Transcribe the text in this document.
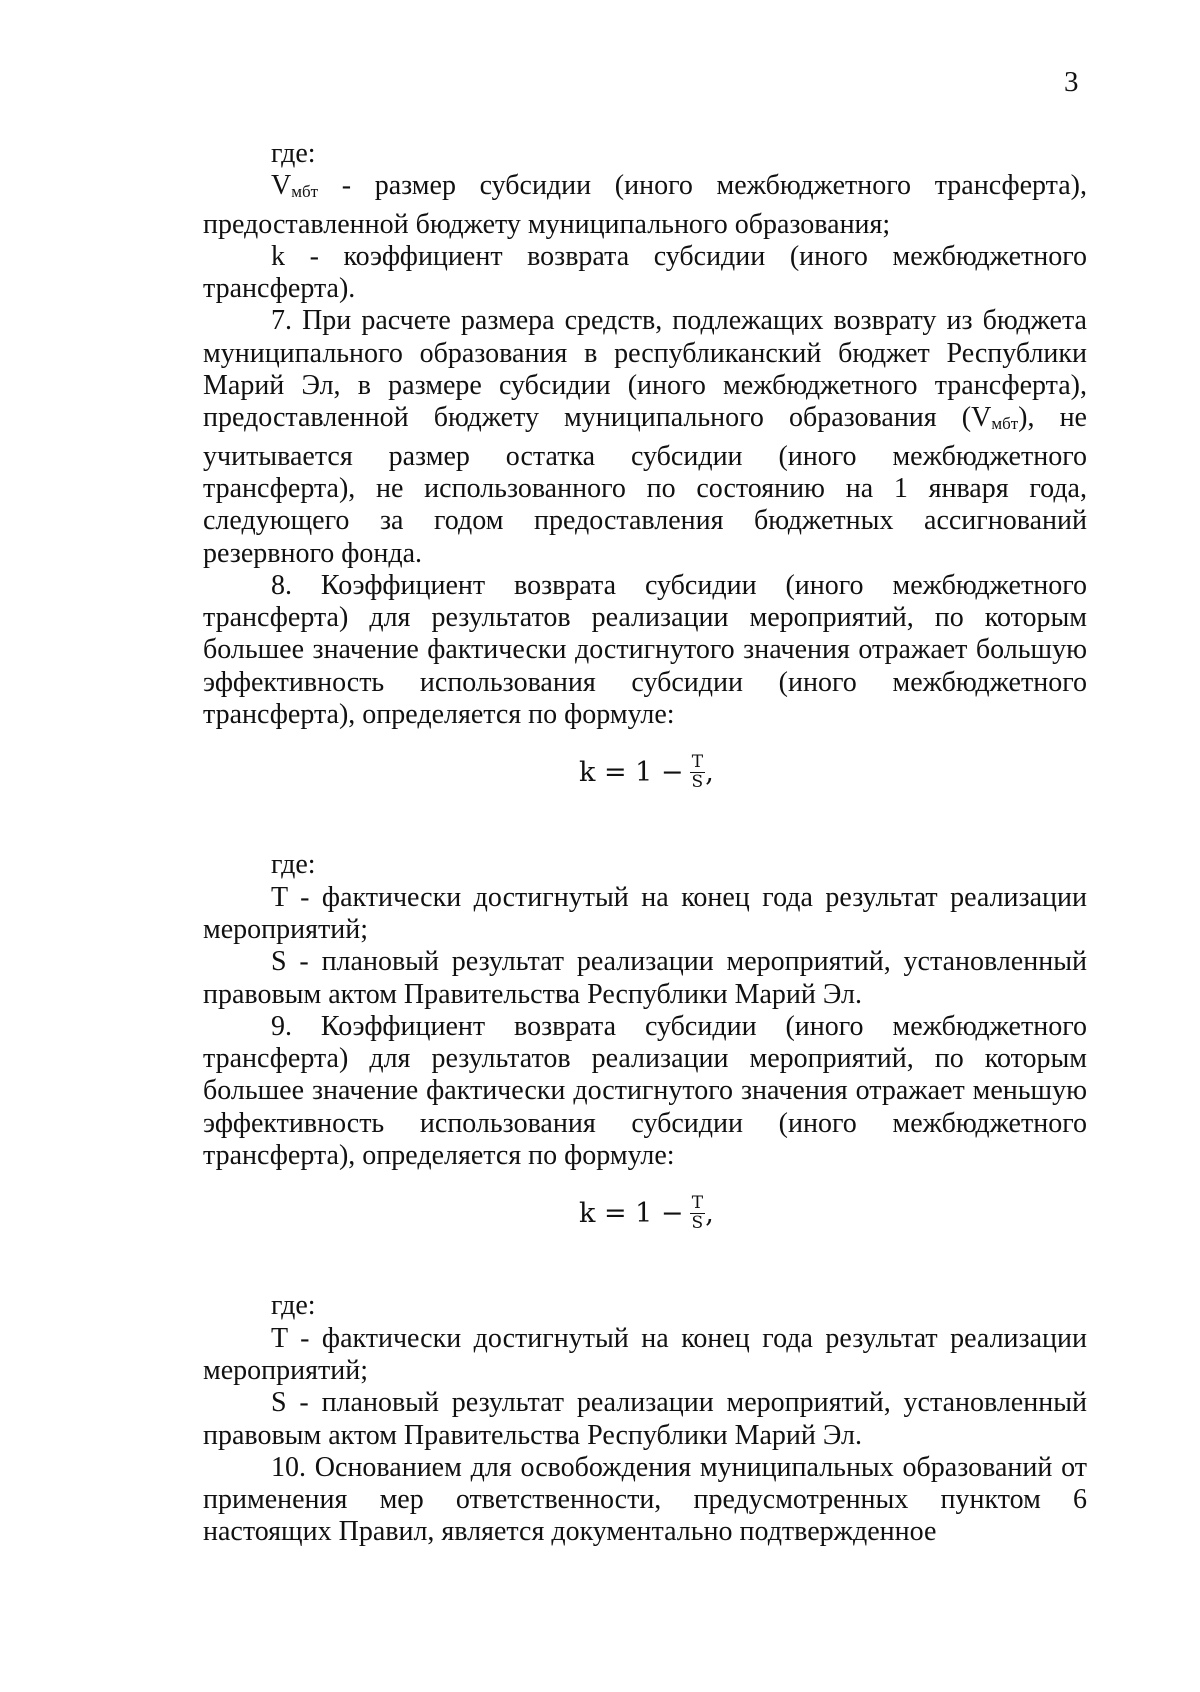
3

где:

$V_{мбт}$ - размер субсидии (иного межбюджетного трансферта), предоставленной бюджету муниципального образования;

k - коэффициент возврата субсидии (иного межбюджетного трансферта).

7. При расчете размера средств, подлежащих возврату из бюджета муниципального образования в республиканский бюджет Республики Марий Эл, в размере субсидии (иного межбюджетного трансферта), предоставленной бюджету муниципального образования $(V_{мбт})$, не учитывается размер остатка субсидии (иного межбюджетного трансферта), не использованного по состоянию на 1 января года, следующего за годом предоставления бюджетных ассигнований резервного фонда.

8. Коэффициент возврата субсидии (иного межбюджетного трансферта) для результатов реализации мероприятий, по которым большее значение фактически достигнутого значения отражает большую эффективность использования субсидии (иного межбюджетного трансферта), определяется по формуле:

$k = 1 - \frac{T}{S}$ ,

где:

T - фактически достигнутый на конец года результат реализации мероприятий;

S - плановый результат реализации мероприятий, установленный правовым актом Правительства Республики Марий Эл.

9. Коэффициент возврата субсидии (иного межбюджетного трансферта) для результатов реализации мероприятий, по которым большее значение фактически достигнутого значения отражает меньшую эффективность использования субсидии (иного межбюджетного трансферта), определяется по формуле:

$k = 1 - \frac{T}{S}$ ,

где:

T - фактически достигнутый на конец года результат реализации мероприятий;

S - плановый результат реализации мероприятий, установленный правовым актом Правительства Республики Марий Эл.

10. Основанием для освобождения муниципальных образований от применения мер ответственности, предусмотренных пунктом 6 настоящих Правил, является документально подтвержденное
